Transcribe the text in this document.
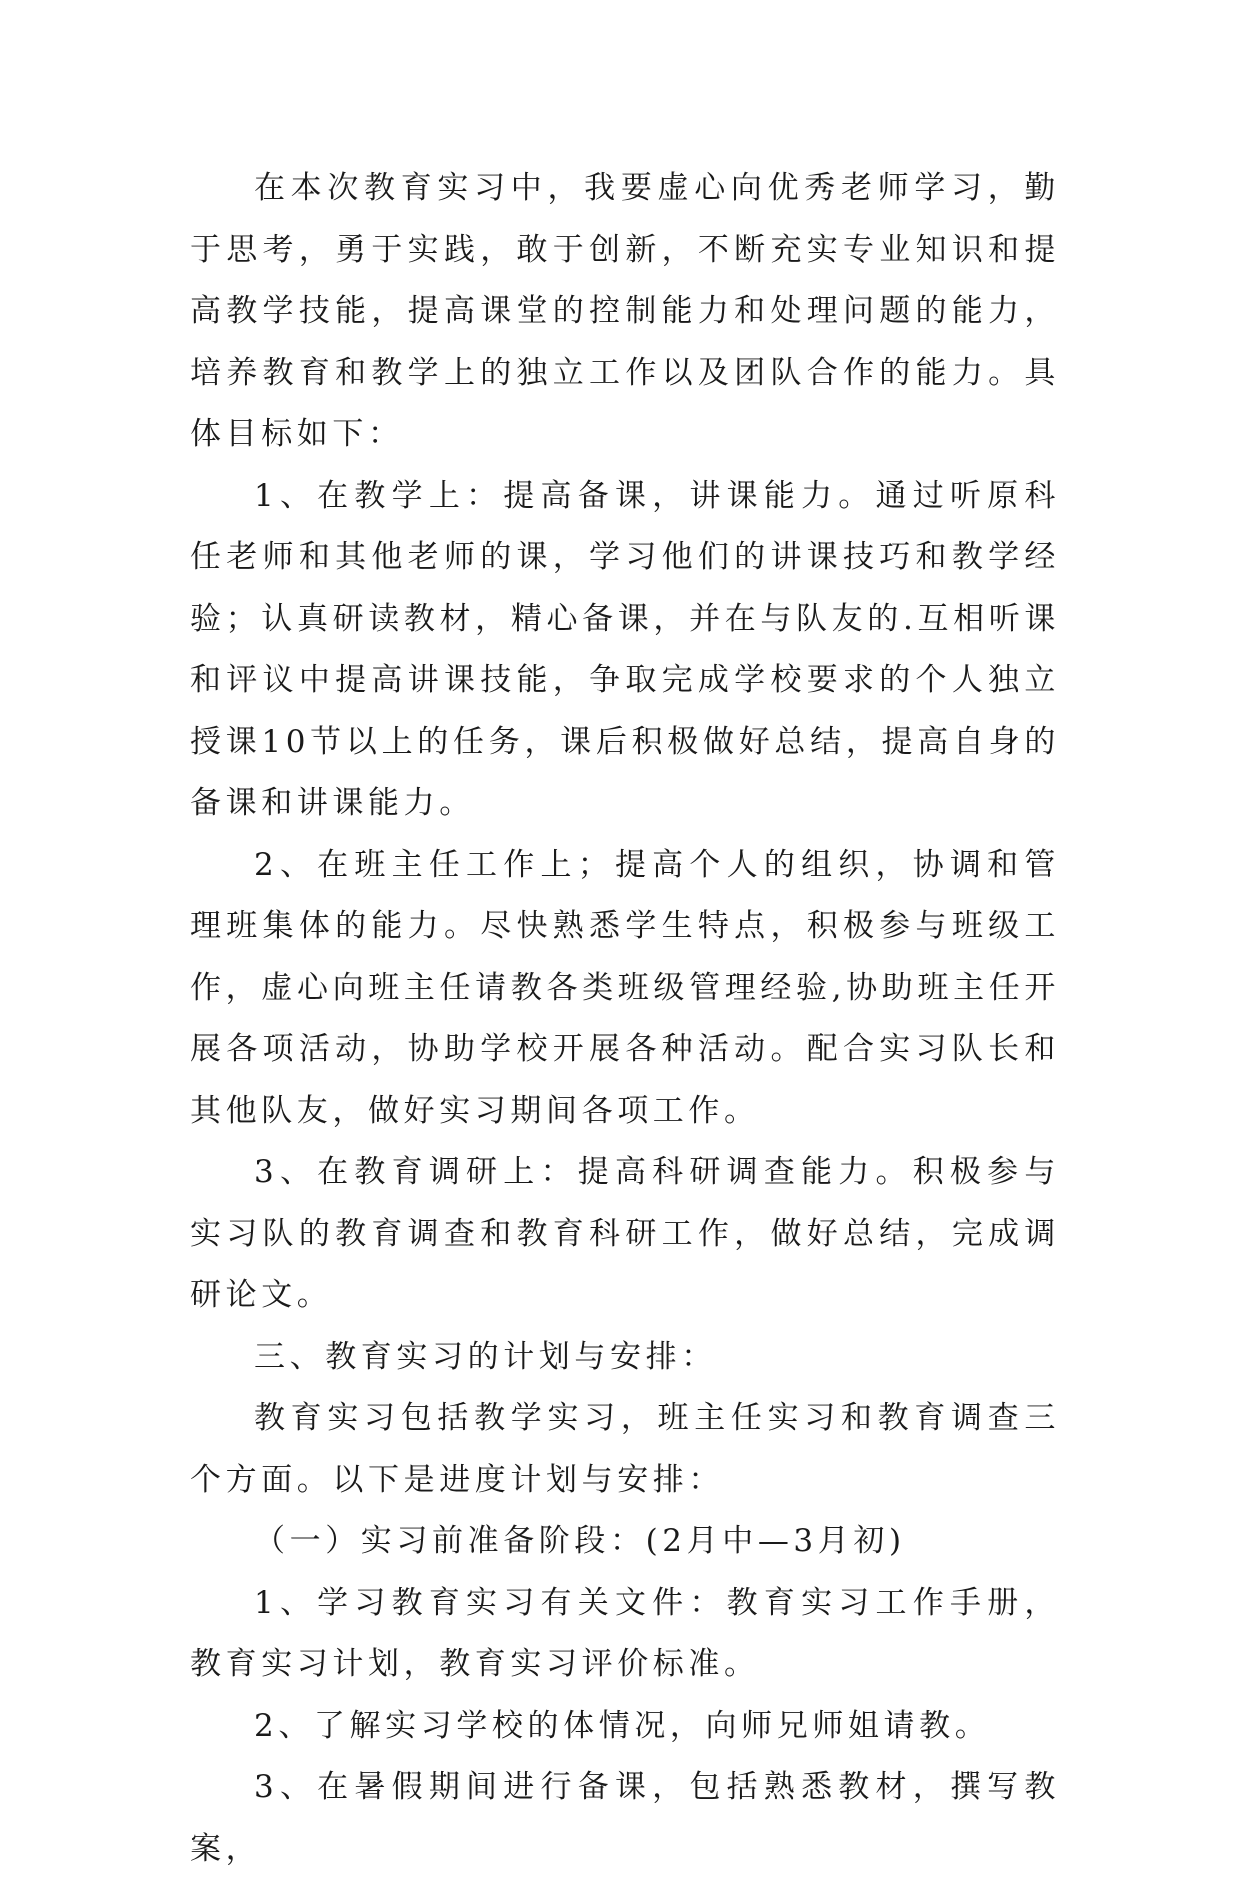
在本次教育实习中，我要虚心向优秀老师学习，勤于思考，勇于实践，敢于创新，不断充实专业知识和提高教学技能，提高课堂的控制能力和处理问题的能力，培养教育和教学上的独立工作以及团队合作的能力。具体目标如下：

1、在教学上：提高备课，讲课能力。通过听原科任老师和其他老师的课，学习他们的讲课技巧和教学经验；认真研读教材，精心备课，并在与队友的.互相听课和评议中提高讲课技能，争取完成学校要求的个人独立授课10节以上的任务，课后积极做好总结，提高自身的备课和讲课能力。

2、在班主任工作上；提高个人的组织，协调和管理班集体的能力。尽快熟悉学生特点，积极参与班级工作，虚心向班主任请教各类班级管理经验,协助班主任开展各项活动，协助学校开展各种活动。配合实习队长和其他队友，做好实习期间各项工作。

3、在教育调研上：提高科研调查能力。积极参与实习队的教育调查和教育科研工作，做好总结，完成调研论文。

三、教育实习的计划与安排：

教育实习包括教学实习，班主任实习和教育调查三个方面。以下是进度计划与安排：

（一）实习前准备阶段：(2月中—3月初)

1、学习教育实习有关文件：教育实习工作手册，教育实习计划，教育实习评价标准。

2、了解实习学校的体情况，向师兄师姐请教。

3、在暑假期间进行备课，包括熟悉教材，撰写教案，
